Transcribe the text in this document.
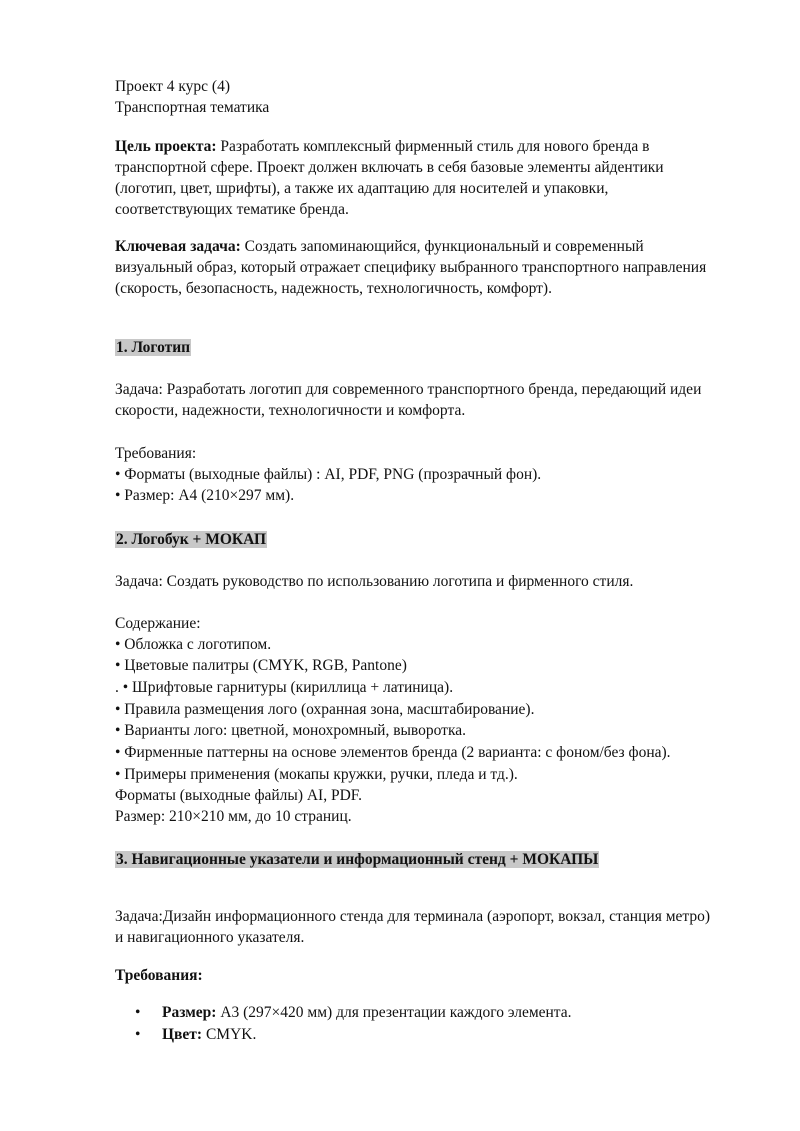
Проект 4 курс (4)
Транспортная тематика
Цель проекта: Разработать комплексный фирменный стиль для нового бренда в
транспортной сфере. Проект должен включать в себя базовые элементы айдентики
(логотип, цвет, шрифты), а также их адаптацию для носителей и упаковки,
соответствующих тематике бренда.
Ключевая задача: Создать запоминающийся, функциональный и современный
визуальный образ, который отражает специфику выбранного транспортного направления
(скорость, безопасность, надежность, технологичность, комфорт).
1. Логотип
Задача: Разработать логотип для современного транспортного бренда, передающий идеи
скорости, надежности, технологичности и комфорта.
Требования:
• Форматы (выходные файлы) : AI, PDF, PNG (прозрачный фон).
• Размер: А4 (210×297 мм).
2. Логобук + МОКАП
Задача: Создать руководство по использованию логотипа и фирменного стиля.
Содержание:
• Обложка с логотипом.
• Цветовые палитры (CMYK, RGB, Pantone)
. • Шрифтовые гарнитуры (кириллица + латиница).
• Правила размещения лого (охранная зона, масштабирование).
• Варианты лого: цветной, монохромный, выворотка.
• Фирменные паттерны на основе элементов бренда (2 варианта: с фоном/без фона).
• Примеры применения (мокапы кружки, ручки, пледа и тд.).
Форматы (выходные файлы) AI, PDF.
Размер: 210×210 мм, до 10 страниц.
3. Навигационные указатели и информационный стенд + МОКАПЫ
Задача:Дизайн информационного стенда для терминала (аэропорт, вокзал, станция метро)
и навигационного указателя.
Требования:
• Размер: А3 (297×420 мм) для презентации каждого элемента.
• Цвет: CMYK.
